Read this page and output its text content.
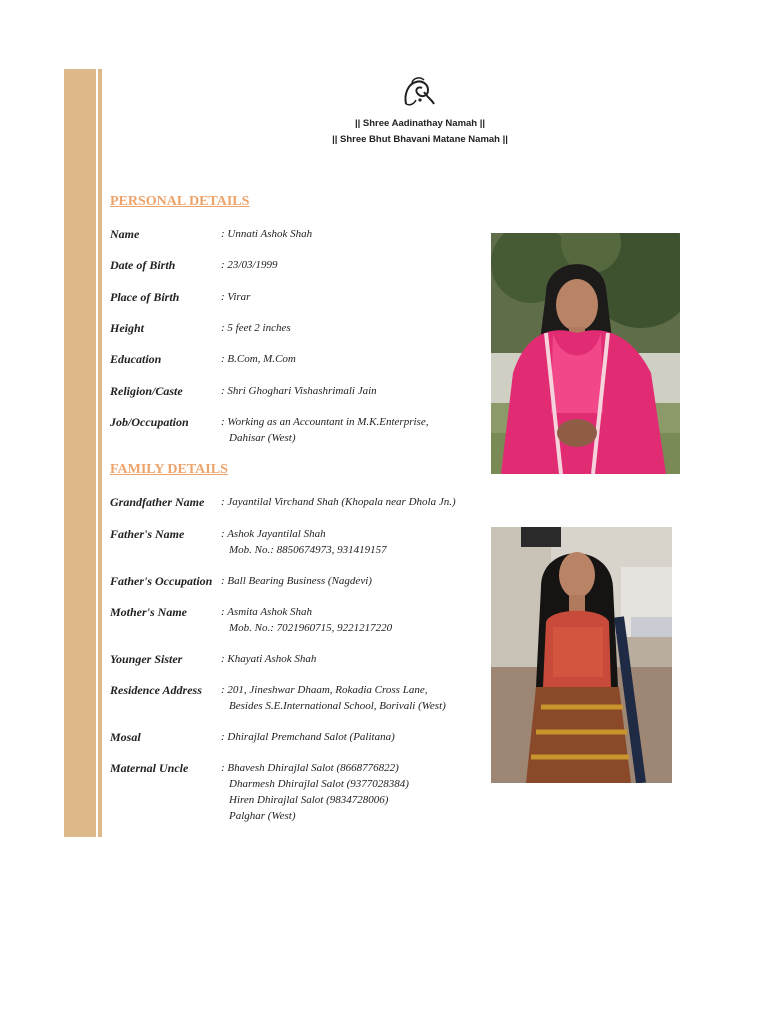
|| Shree Aadinathay Namah ||
|| Shree Bhut Bhavani Matane Namah ||
PERSONAL DETAILS
Name	: Unnati Ashok Shah
Date of Birth	: 23/03/1999
Place of Birth	: Virar
Height	: 5 feet 2 inches
Education	: B.Com, M.Com
Religion/Caste	: Shri Ghoghari Vishashrimali Jain
Job/Occupation	: Working as an Accountant in M.K.Enterprise,
Dahisar (West)
FAMILY DETAILS
Grandfather Name : Jayantilal Virchand Shah (Khopala near Dhola Jn.)
Father's Name	: Ashok Jayantilal Shah
Mob. No.: 8850674973, 931419157
Father's Occupation : Ball Bearing Business (Nagdevi)
Mother's Name	: Asmita Ashok Shah
Mob. No.: 7021960715, 9221217220
Younger Sister	: Khayati Ashok Shah
Residence Address : 201, Jineshwar Dhaam, Rokadia Cross Lane,
Besides S.E.International School, Borivali (West)
Mosal	: Dhirajlal Premchand Salot (Palitana)
Maternal Uncle	: Bhavesh Dhirajlal Salot (8668776822)
Dharmesh Dhirajlal Salot (9377028384)
Hiren Dhirajlal Salot (9834728006)
Palghar (West)
